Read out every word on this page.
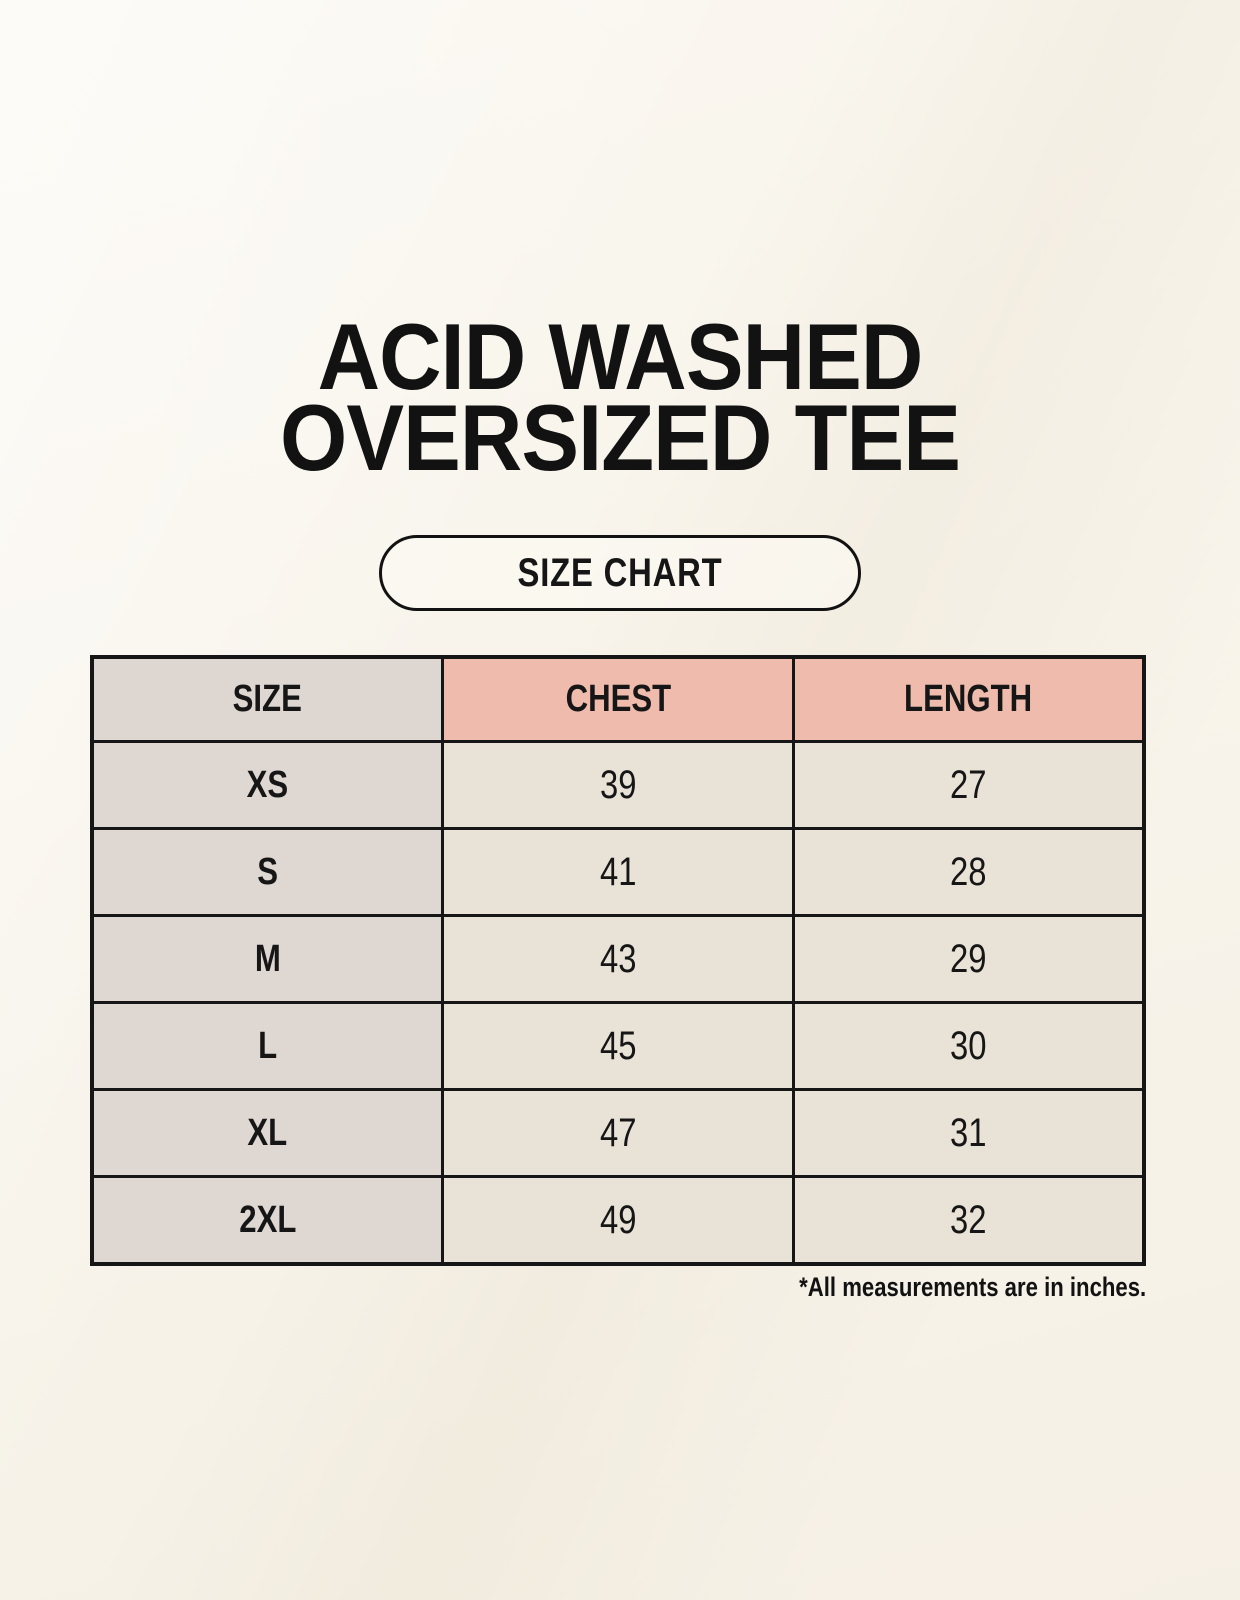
ACID WASHED
OVERSIZED TEE
SIZE CHART
SIZE	CHEST	LENGTH
XS	39	27
S	41	28
M	43	29
L	45	30
XL	47	31
2XL	49	32
*All measurements are in inches.
